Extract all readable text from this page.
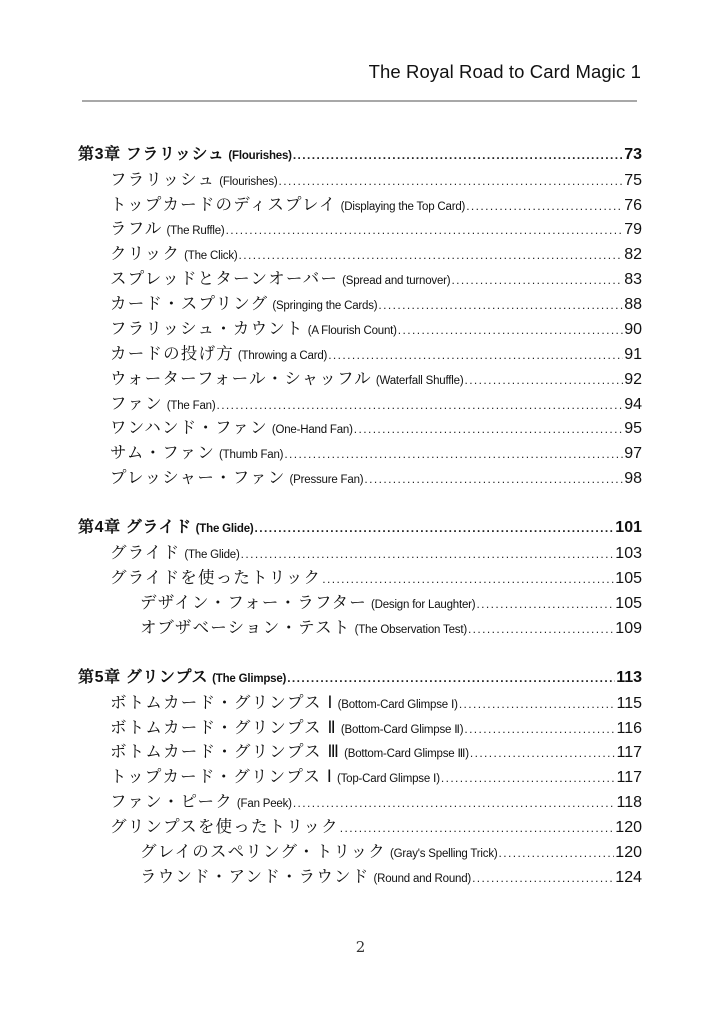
The Royal Road to Card Magic 1
第3章 フラリッシュ (Flourishes) .....	73
フラリッシュ (Flourishes) .....	75
トップカードのディスプレイ (Displaying the Top Card) .....	76
ラフル (The Ruffle) .....	79
クリック (The Click) .....	82
スプレッドとターンオーバー (Spread and turnover) .....	83
カード・スプリング (Springing the Cards) .....	88
フラリッシュ・カウント (A Flourish Count) .....	90
カードの投げ方 (Throwing a Card) .....	91
ウォーターフォール・シャッフル (Waterfall Shuffle) .....	92
ファン (The Fan) .....	94
ワンハンド・ファン (One-Hand Fan) .....	95
サム・ファン (Thumb Fan) .....	97
プレッシャー・ファン (Pressure Fan) .....	98
第4章 グライド (The Glide) .....	101
グライド (The Glide) .....	103
グライドを使ったトリック .....	105
デザイン・フォー・ラフター (Design for Laughter) .....	105
オブザベーション・テスト (The Observation Test) .....	109
第5章 グリンプス (The Glimpse) .....	113
ボトムカード・グリンプス Ⅰ (Bottom-Card Glimpse Ⅰ) .....	115
ボトムカード・グリンプス Ⅱ (Bottom-Card Glimpse Ⅱ) .....	116
ボトムカード・グリンプス Ⅲ (Bottom-Card Glimpse Ⅲ) .....	117
トップカード・グリンプス Ⅰ (Top-Card Glimpse Ⅰ) .....	117
ファン・ピーク (Fan Peek) .....	118
グリンプスを使ったトリック .....	120
グレイのスペリング・トリック (Gray's Spelling Trick) .....	120
ラウンド・アンド・ラウンド (Round and Round) .....	124
2
